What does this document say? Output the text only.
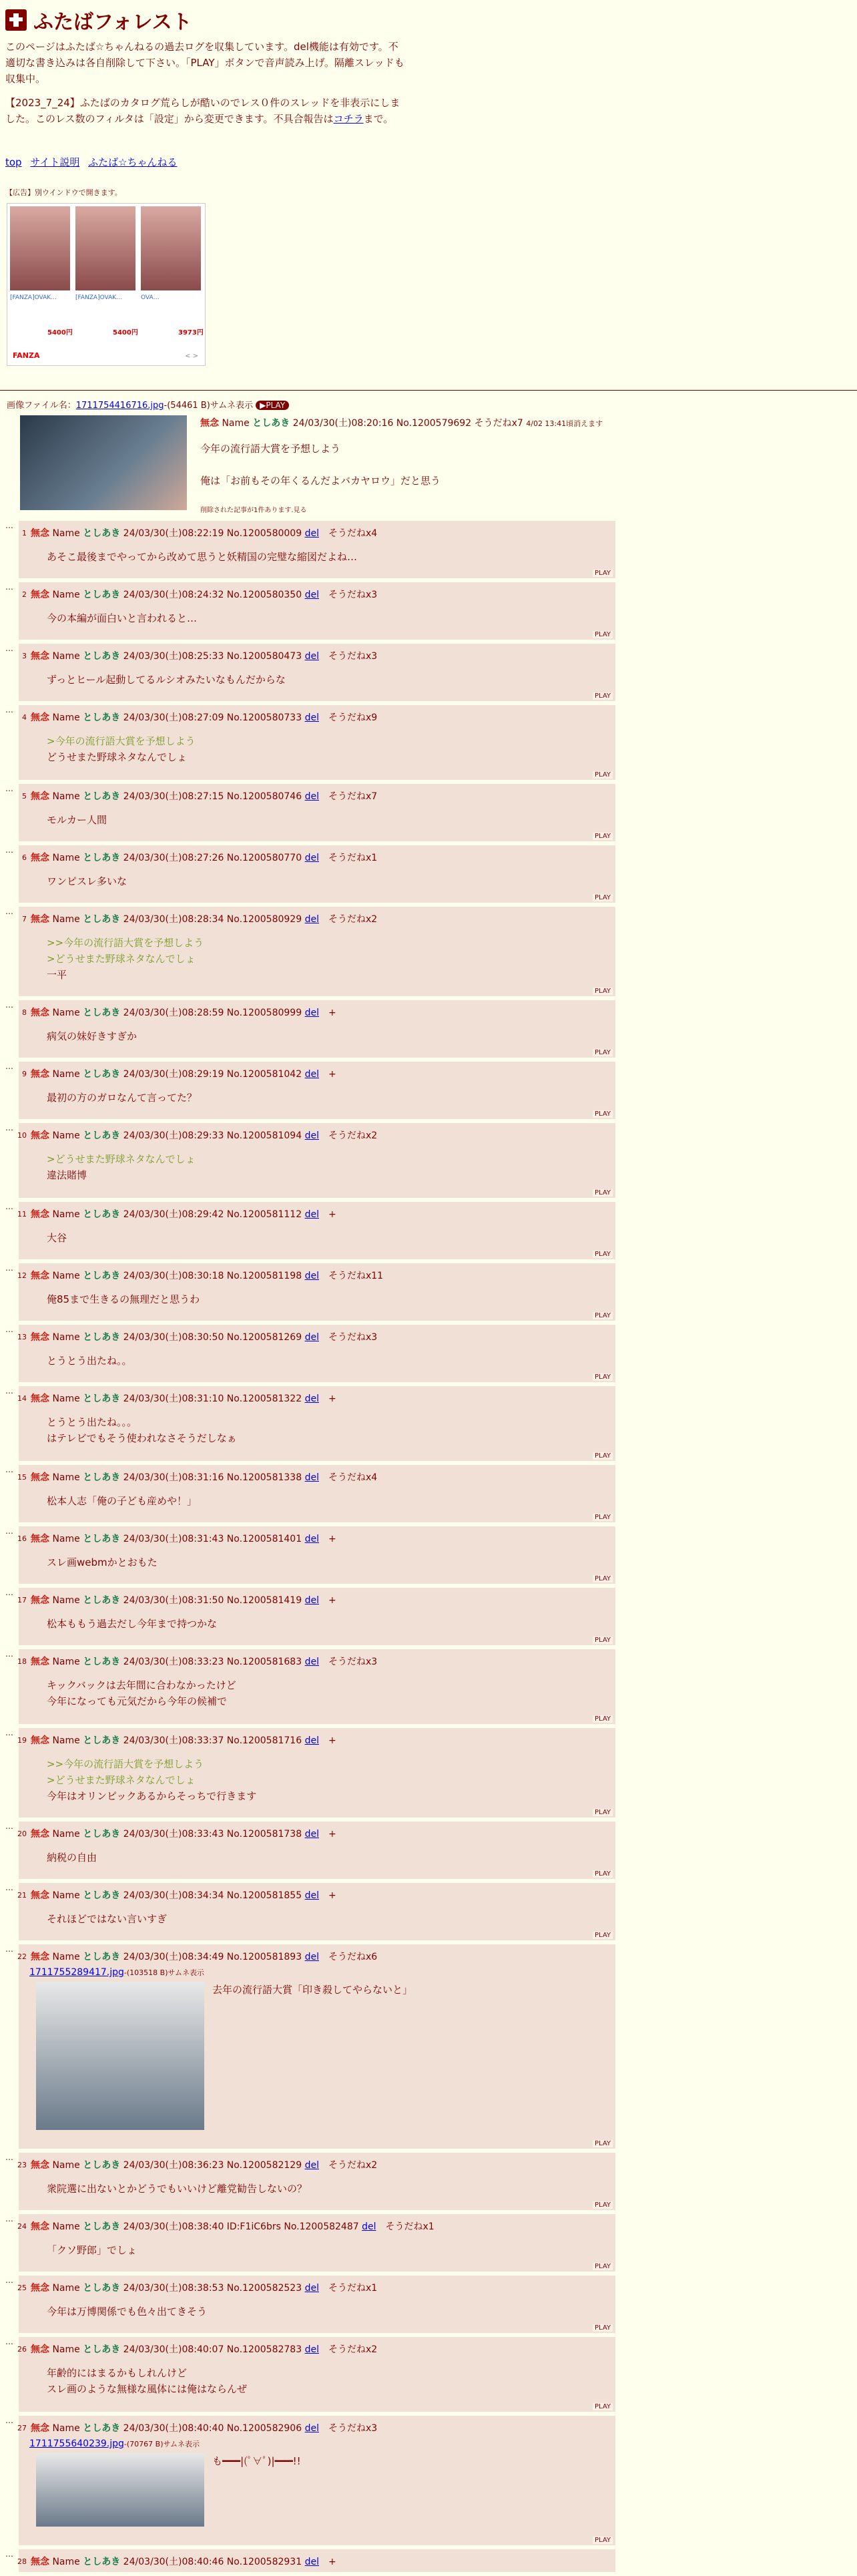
ふたばフォレスト

このページはふたば☆ちゃんねるの過去ログを収集しています。del機能は有効です。不適切な書き込みは各自削除して下さい。「PLAY」ボタンで音声読み上げ。隔離スレッドも収集中。

【2023_7_24】ふたばのカタログ荒らしが酷いのでレス０件のスレッドを非表示にしました。このレス数のフィルタは「設定」から変更できます。不具合報告はコチラまで。

top サイト説明 ふたば☆ちゃんねる
【広告】別ウインドウで開きます。
[FANZA]OVAK…	[FANZA]OVAK…	OVA…
5400円	5400円	3973円
FANZA	< >
画像ファイル名：1711754416716.jpg-(54461 B)サムネ表示 ▶PLAY
無念 Name としあき 24/03/30(土)08:20:16 No.1200579692 そうだねx7 4/02 13:41頃消えます
今年の流行語大賞を予想しよう
俺は「お前もその年くるんだよバカヤロウ」だと思う
削除された記事が1件あります.見る
…
1 無念 Name としあき 24/03/30(土)08:22:19 No.1200580009 del　 そうだねx4
あそこ最後までやってから改めて思うと妖精国の完璧な縮図だよね…
PLAY
…
2 無念 Name としあき 24/03/30(土)08:24:32 No.1200580350 del　 そうだねx3
今の本編が面白いと言われると…
PLAY
…
3 無念 Name としあき 24/03/30(土)08:25:33 No.1200580473 del　 そうだねx3
ずっとヒール起動してるルシオみたいなもんだからな
PLAY
…
4 無念 Name としあき 24/03/30(土)08:27:09 No.1200580733 del　 そうだねx9
>今年の流行語大賞を予想しよう
どうせまた野球ネタなんでしょ
PLAY
…
5 無念 Name としあき 24/03/30(土)08:27:15 No.1200580746 del　 そうだねx7
モルカー人間
PLAY
…
6 無念 Name としあき 24/03/30(土)08:27:26 No.1200580770 del　 そうだねx1
ワンピスレ多いな
PLAY
…
7 無念 Name としあき 24/03/30(土)08:28:34 No.1200580929 del　 そうだねx2
>>今年の流行語大賞を予想しよう
>どうせまた野球ネタなんでしょ
一平
PLAY
…
8 無念 Name としあき 24/03/30(土)08:28:59 No.1200580999 del　 +
病気の妹好きすぎか
PLAY
…
9 無念 Name としあき 24/03/30(土)08:29:19 No.1200581042 del　 +
最初の方のガロなんて言ってた？
PLAY
…
10 無念 Name としあき 24/03/30(土)08:29:33 No.1200581094 del　 そうだねx2
>どうせまた野球ネタなんでしょ
違法賭博
PLAY
…
11 無念 Name としあき 24/03/30(土)08:29:42 No.1200581112 del　 +
大谷
PLAY
…
12 無念 Name としあき 24/03/30(土)08:30:18 No.1200581198 del　 そうだねx11
俺85まで生きるの無理だと思うわ
PLAY
…
13 無念 Name としあき 24/03/30(土)08:30:50 No.1200581269 del　 そうだねx3
とうとう出たね。。
PLAY
…
14 無念 Name としあき 24/03/30(土)08:31:10 No.1200581322 del　 +
とうとう出たね。。。
はテレビでもそう使われなさそうだしなぁ
PLAY
…
15 無念 Name としあき 24/03/30(土)08:31:16 No.1200581338 del　 そうだねx4
松本人志「俺の子ども産めや！」
PLAY
…
16 無念 Name としあき 24/03/30(土)08:31:43 No.1200581401 del　 +
スレ画webmかとおもた
PLAY
…
17 無念 Name としあき 24/03/30(土)08:31:50 No.1200581419 del　 +
松本ももう過去だし今年まで持つかな
PLAY
…
18 無念 Name としあき 24/03/30(土)08:33:23 No.1200581683 del　 そうだねx3
キックバックは去年間に合わなかったけど
今年になっても元気だから今年の候補で
PLAY
…
19 無念 Name としあき 24/03/30(土)08:33:37 No.1200581716 del　 +
>>今年の流行語大賞を予想しよう
>どうせまた野球ネタなんでしょ
今年はオリンピックあるからそっちで行きます
PLAY
…
20 無念 Name としあき 24/03/30(土)08:33:43 No.1200581738 del　 +
納税の自由
PLAY
…
21 無念 Name としあき 24/03/30(土)08:34:34 No.1200581855 del　 +
それほどではない言いすぎ
PLAY
…
22 無念 Name としあき 24/03/30(土)08:34:49 No.1200581893 del　 そうだねx6
1711755289417.jpg-(103518 B)サムネ表示
去年の流行語大賞「印き殺してやらないと」
PLAY
…
23 無念 Name としあき 24/03/30(土)08:36:23 No.1200582129 del　 そうだねx2
衆院選に出ないとかどうでもいいけど離党勧告しないの？
PLAY
…
24 無念 Name としあき 24/03/30(土)08:38:40 ID:F1iC6brs No.1200582487 del　 そうだねx1
「クソ野郎」でしょ
PLAY
…
25 無念 Name としあき 24/03/30(土)08:38:53 No.1200582523 del　 そうだねx1
今年は万博関係でも色々出てきそう
PLAY
…
26 無念 Name としあき 24/03/30(土)08:40:07 No.1200582783 del　 そうだねx2
年齢的にはまるかもしれんけど
スレ画のような無様な風体には俺はならんぜ
PLAY
…
27 無念 Name としあき 24/03/30(土)08:40:40 No.1200582906 del　 そうだねx3
1711755640239.jpg-(70767 B)サムネ表示
も━━━|(ﾟ∀ﾟ)|━━━!!
PLAY
…
28 無念 Name としあき 24/03/30(土)08:40:46 No.1200582931 del　 +
